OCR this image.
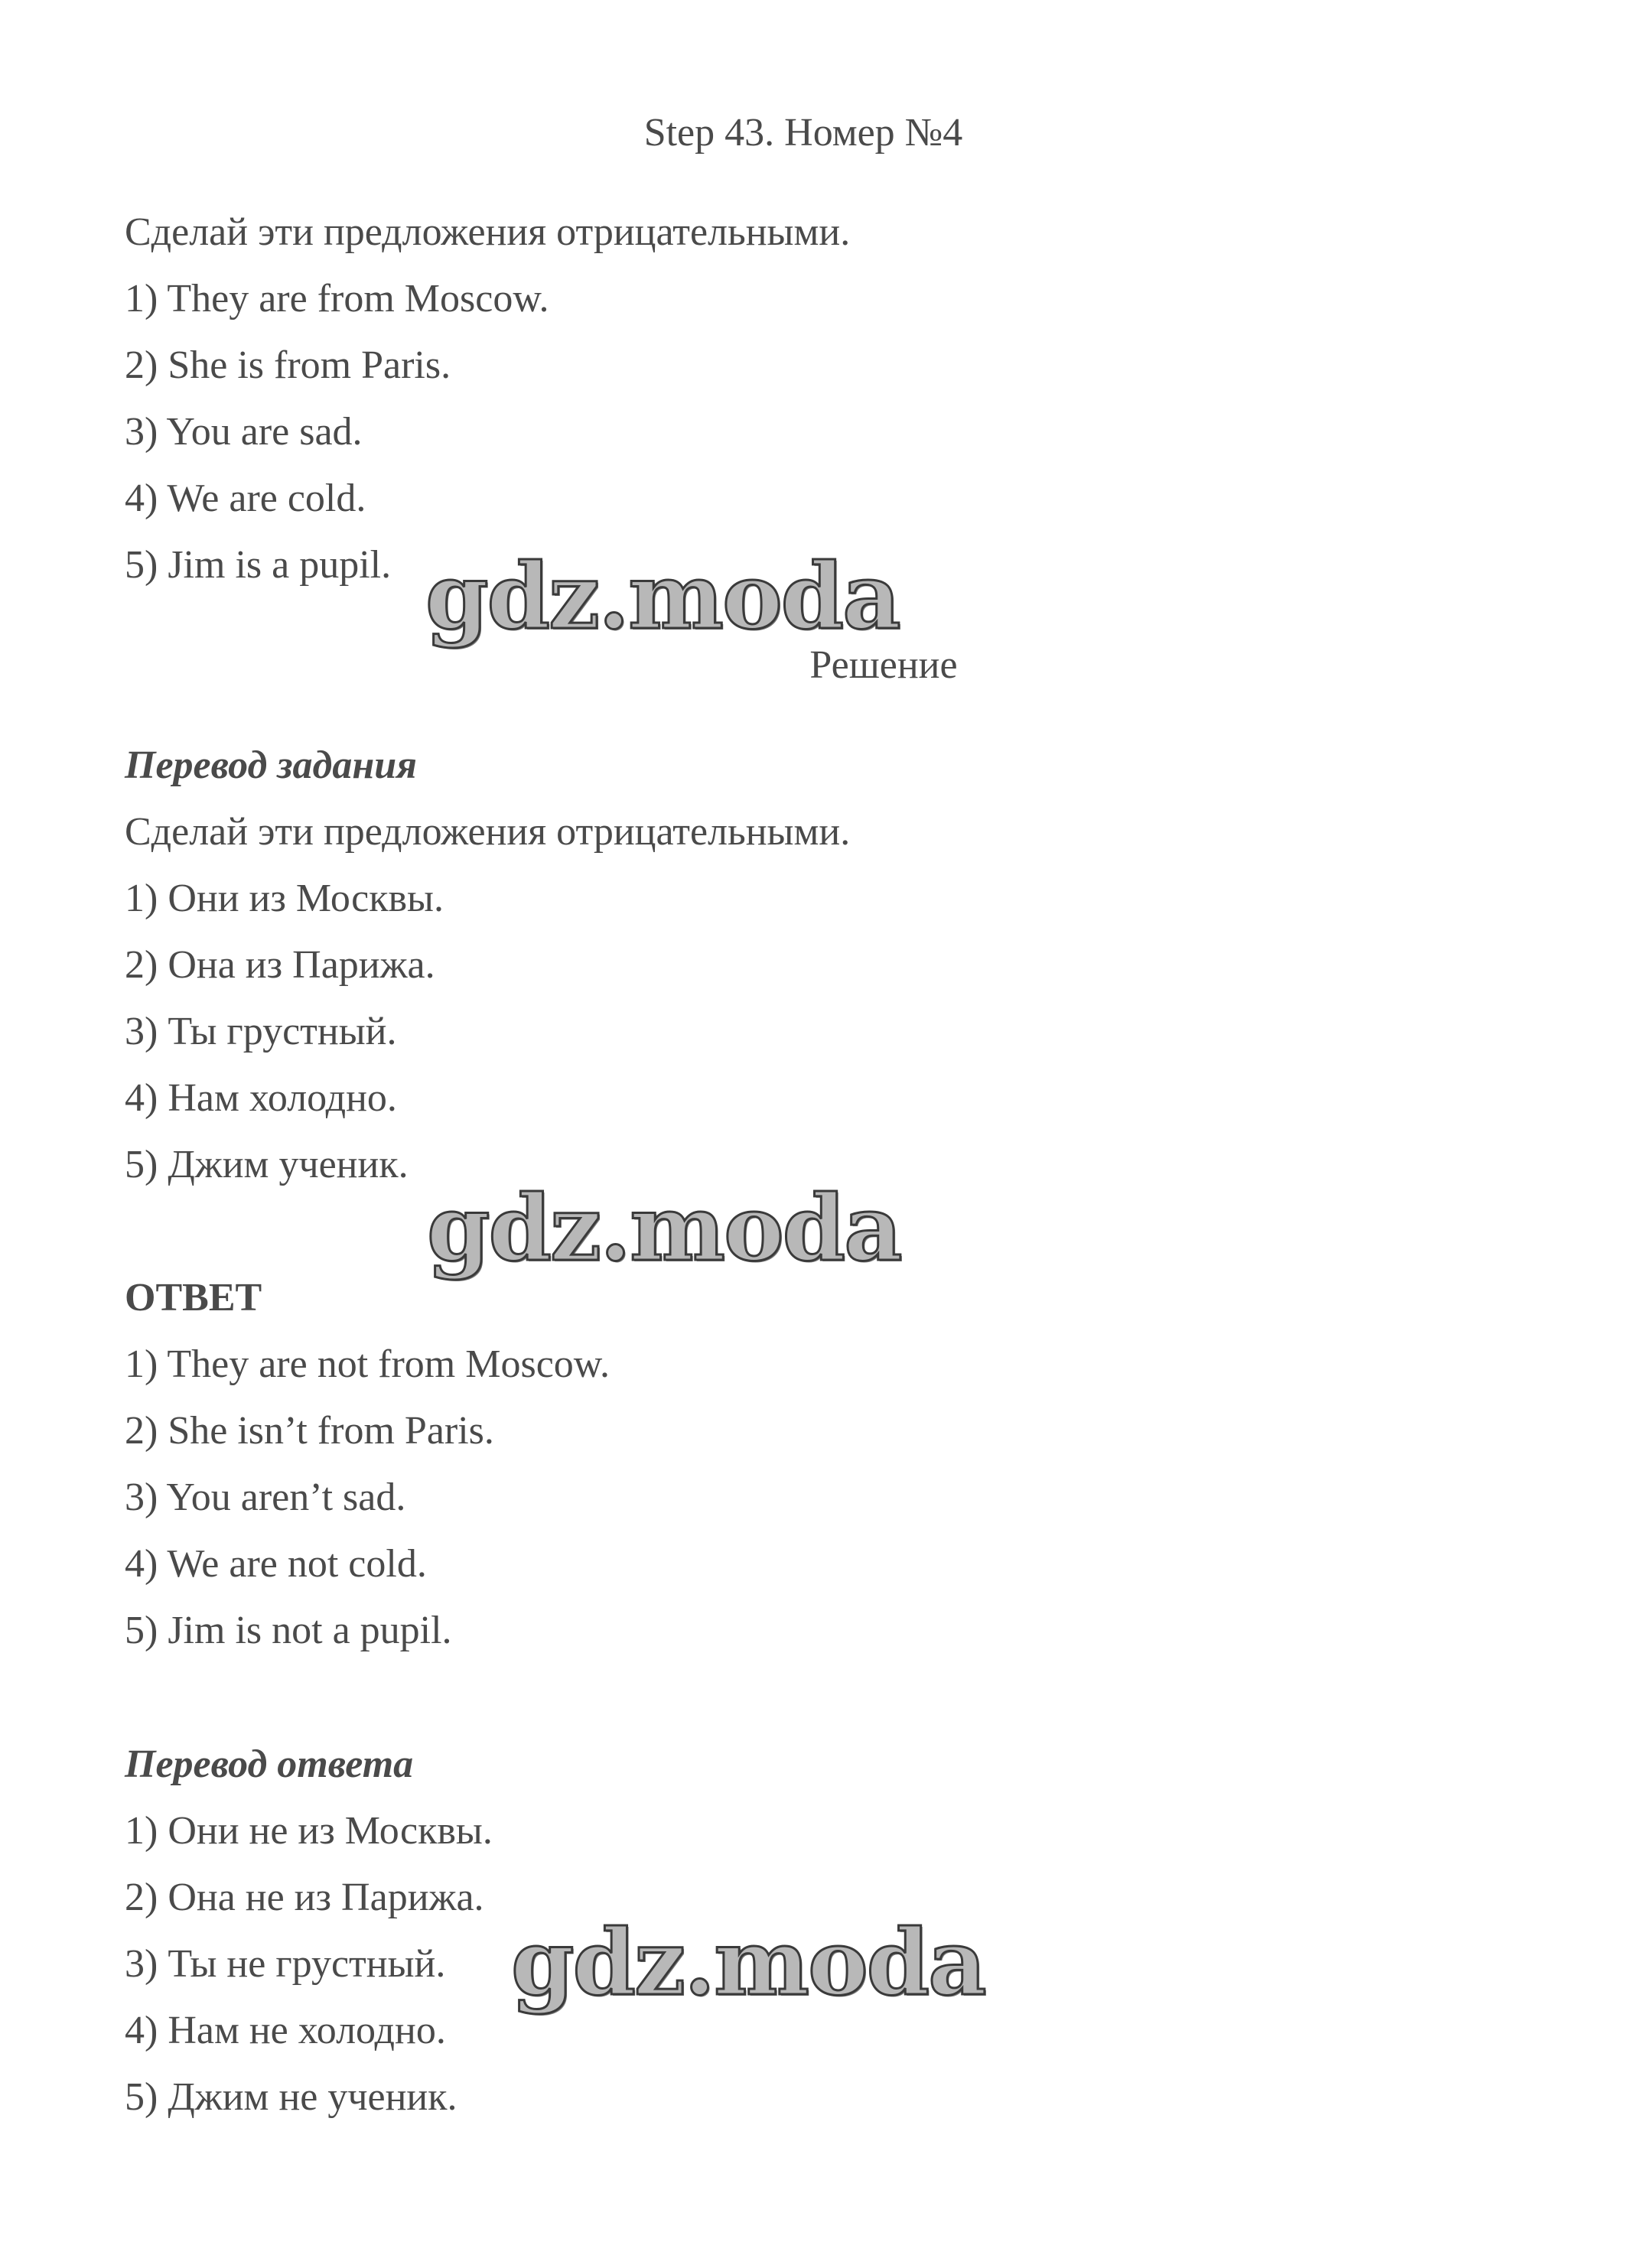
Step 43. Номер №4
Сделай эти предложения отрицательными.
1) They are from Moscow.
2) She is from Paris.
3) You are sad.
4) We are cold.
5) Jim is a pupil. gdz.moda
Решение
Перевод задания
Сделай эти предложения отрицательными.
1) Они из Москвы.
2) Она из Парижа.
3) Ты грустный.
4) Нам холодно.
5) Джим ученик.
gdz.moda
ОТВЕТ
1) They are not from Moscow.
2) She isn’t from Paris.
3) You aren’t sad.
4) We are not cold.
5) Jim is not a pupil.
Перевод ответа
1) Они не из Москвы.
2) Она не из Парижа.
3) Ты не грустный.
4) Нам не холодно.
5) Джим не ученик.
gdz.moda
